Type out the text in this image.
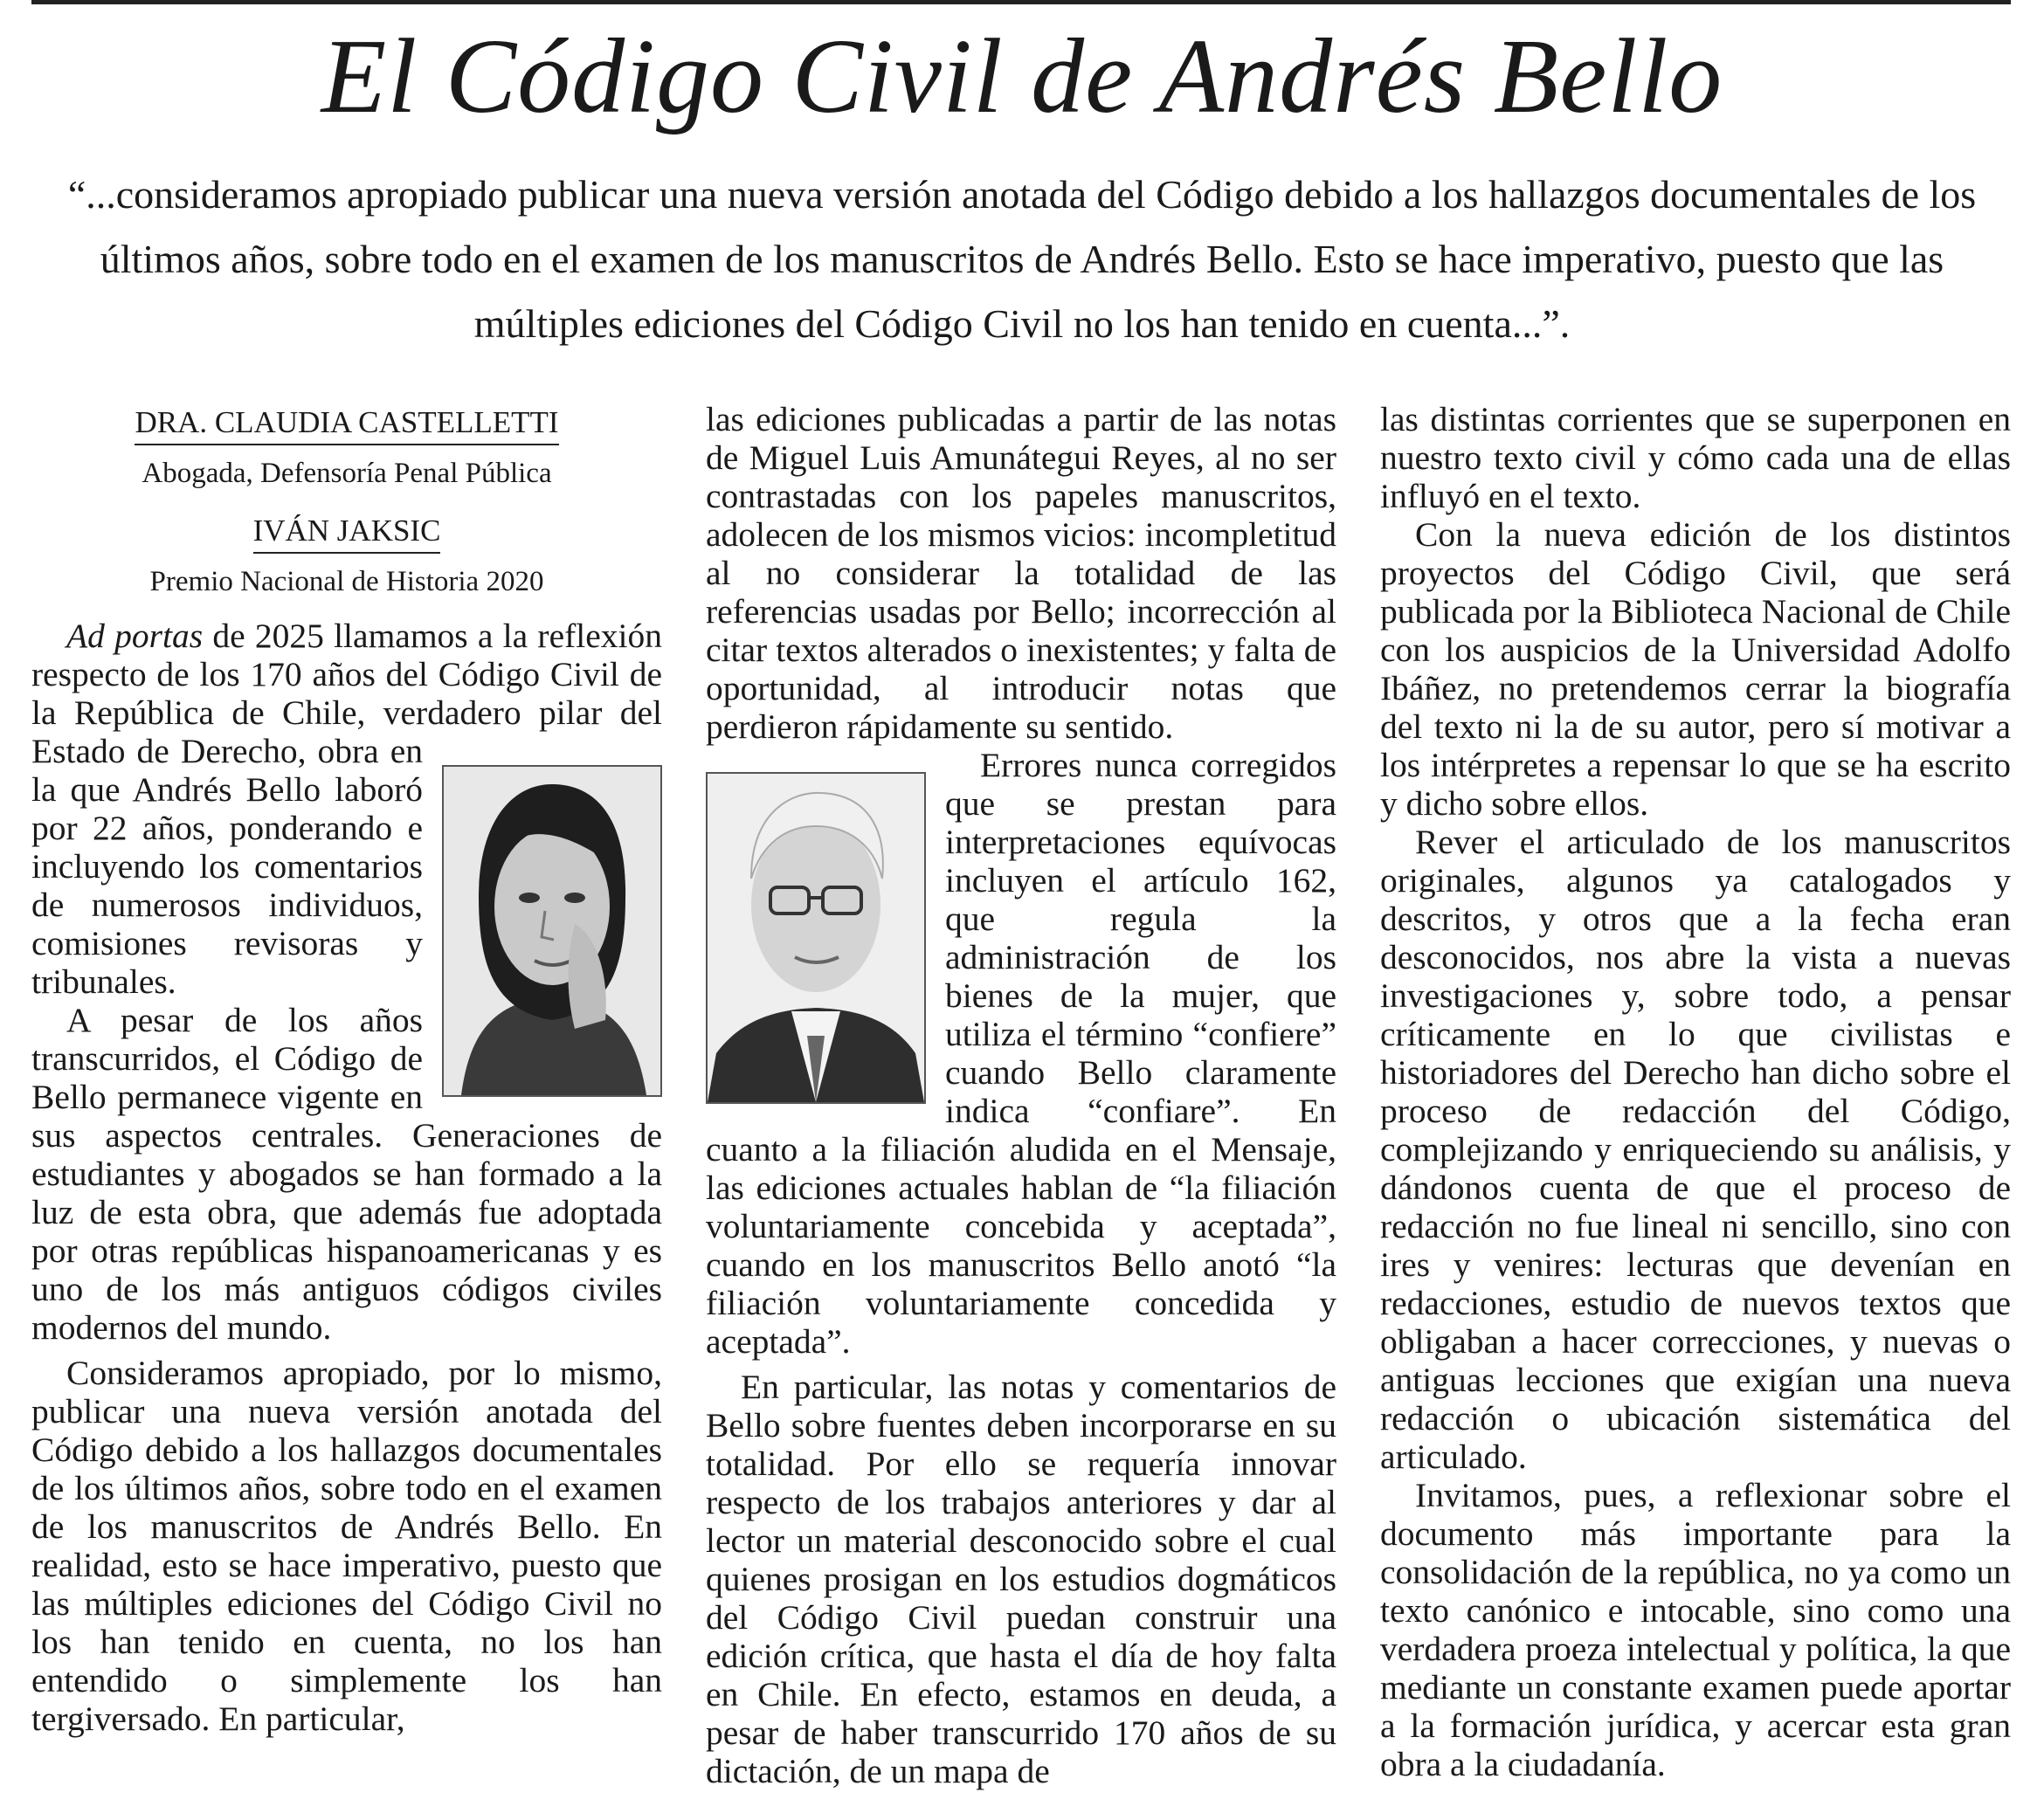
El Código Civil de Andrés Bello
“...consideramos apropiado publicar una nueva versión anotada del Código debido a los hallazgos documentales de los últimos años, sobre todo en el examen de los manuscritos de Andrés Bello. Esto se hace imperativo, puesto que las múltiples ediciones del Código Civil no los han tenido en cuenta...”.
DRA. CLAUDIA CASTELLETTI
Abogada, Defensoría Penal Pública
IVÁN JAKSIC
Premio Nacional de Historia 2020

Ad portas de 2025 llamamos a la reflexión respecto de los 170 años del Código Civil de la República de Chile, verdadero pilar del Estado de Derecho, obra en la que Andrés Bello laboró por 22 años, ponderando e incluyendo los comentarios de numerosos individuos, comisiones revisoras y tribunales.

A pesar de los años transcurridos, el Código de Bello permanece vigente en sus aspectos centrales. Generaciones de estudiantes y abogados se han formado a la luz de esta obra, que además fue adoptada por otras repúblicas hispanoamericanas y es uno de los más antiguos códigos civiles modernos del mundo.

Consideramos apropiado, por lo mismo, publicar una nueva versión anotada del Código debido a los hallazgos documentales de los últimos años, sobre todo en el examen de los manuscritos de Andrés Bello. En realidad, esto se hace imperativo, puesto que las múltiples ediciones del Código Civil no los han tenido en cuenta, no los han entendido o simplemente los han tergiversado. En particular,

las ediciones publicadas a partir de las notas de Miguel Luis Amunátegui Reyes, al no ser contrastadas con los papeles manuscritos, adolecen de los mismos vicios: incompletitud al no considerar la totalidad de las referencias usadas por Bello; incorrección al citar textos alterados o inexistentes; y falta de oportunidad, al introducir notas que perdieron rápidamente su sentido.

Errores nunca corregidos que se prestan para interpretaciones equívocas incluyen el artículo 162, que regula la administración de los bienes de la mujer, que utiliza el término “confiere” cuando Bello claramente indica “confiare”. En cuanto a la filiación aludida en el Mensaje, las ediciones actuales hablan de “la filiación voluntariamente concebida y aceptada”, cuando en los manuscritos Bello anotó “la filiación voluntariamente concedida y aceptada”.

En particular, las notas y comentarios de Bello sobre fuentes deben incorporarse en su totalidad. Por ello se requería innovar respecto de los trabajos anteriores y dar al lector un material desconocido sobre el cual quienes prosigan en los estudios dogmáticos del Código Civil puedan construir una edición crítica, que hasta el día de hoy falta en Chile. En efecto, estamos en deuda, a pesar de haber transcurrido 170 años de su dictación, de un mapa de

las distintas corrientes que se superponen en nuestro texto civil y cómo cada una de ellas influyó en el texto.

Con la nueva edición de los distintos proyectos del Código Civil, que será publicada por la Biblioteca Nacional de Chile con los auspicios de la Universidad Adolfo Ibáñez, no pretendemos cerrar la biografía del texto ni la de su autor, pero sí motivar a los intérpretes a repensar lo que se ha escrito y dicho sobre ellos.

Rever el articulado de los manuscritos originales, algunos ya catalogados y descritos, y otros que a la fecha eran desconocidos, nos abre la vista a nuevas investigaciones y, sobre todo, a pensar críticamente en lo que civilistas e historiadores del Derecho han dicho sobre el proceso de redacción del Código, complejizando y enriqueciendo su análisis, y dándonos cuenta de que el proceso de redacción no fue lineal ni sencillo, sino con ires y venires: lecturas que devenían en redacciones, estudio de nuevos textos que obligaban a hacer correcciones, y nuevas o antiguas lecciones que exigían una nueva redacción o ubicación sistemática del articulado.

Invitamos, pues, a reflexionar sobre el documento más importante para la consolidación de la república, no ya como un texto canónico e intocable, sino como una verdadera proeza intelectual y política, la que mediante un constante examen puede aportar a la formación jurídica, y acercar esta gran obra a la ciudadanía.
